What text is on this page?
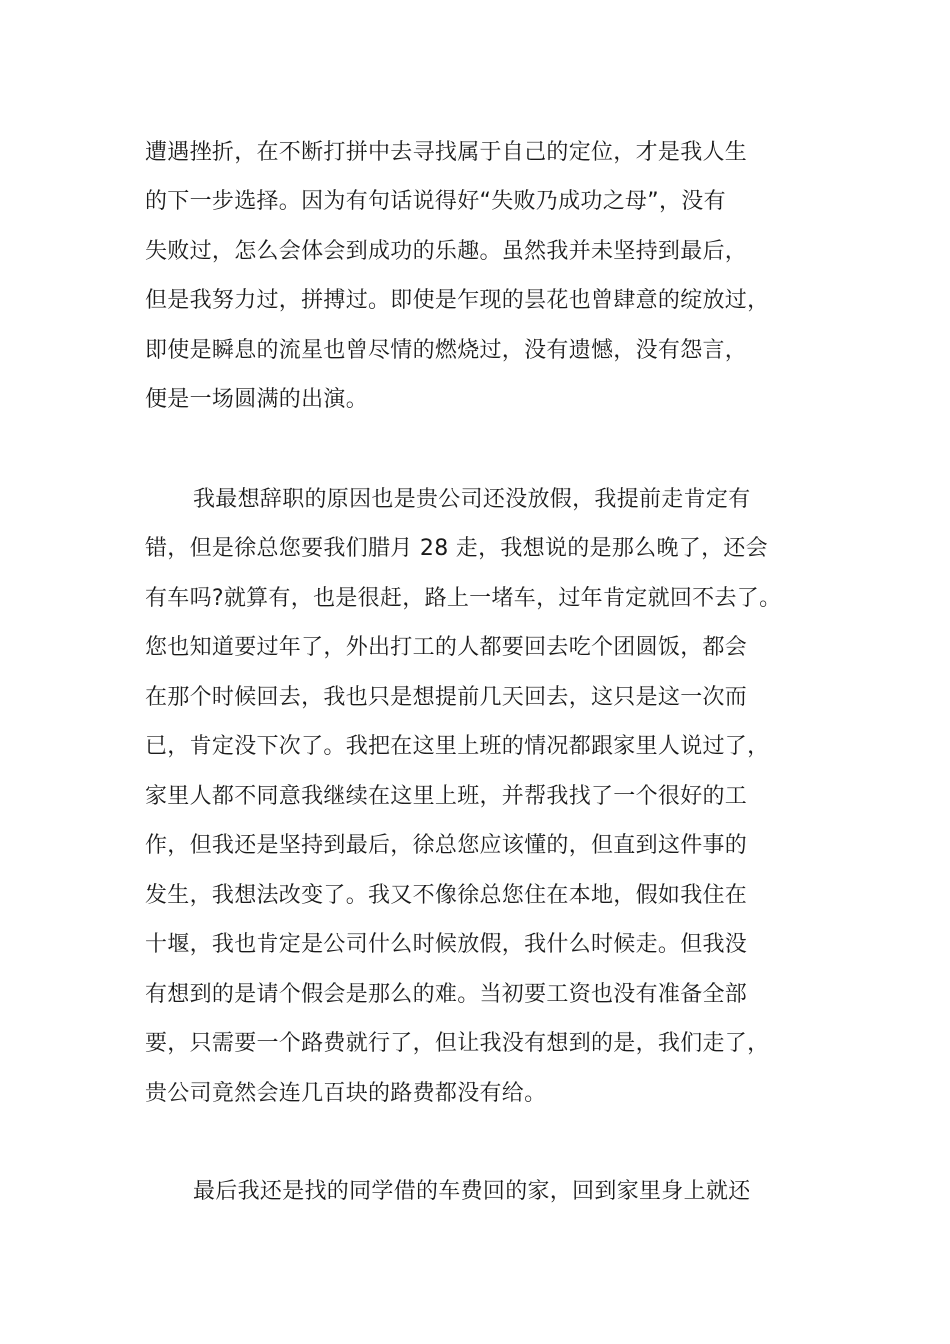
遭遇挫折，在不断打拼中去寻找属于自己的定位，才是我人生
的下一步选择。因为有句话说得好“失败乃成功之母”，没有
失败过，怎么会体会到成功的乐趣。虽然我并未坚持到最后，
但是我努力过，拼搏过。即使是乍现的昙花也曾肆意的绽放过，
即使是瞬息的流星也曾尽情的燃烧过，没有遗憾，没有怨言，
便是一场圆满的出演。
我最想辞职的原因也是贵公司还没放假，我提前走肯定有
错，但是徐总您要我们腊月 28 走，我想说的是那么晚了，还会
有车吗?就算有，也是很赶，路上一堵车，过年肯定就回不去了。
您也知道要过年了，外出打工的人都要回去吃个团圆饭，都会
在那个时候回去，我也只是想提前几天回去，这只是这一次而
已，肯定没下次了。我把在这里上班的情况都跟家里人说过了，
家里人都不同意我继续在这里上班，并帮我找了一个很好的工
作，但我还是坚持到最后，徐总您应该懂的，但直到这件事的
发生，我想法改变了。我又不像徐总您住在本地，假如我住在
十堰，我也肯定是公司什么时候放假，我什么时候走。但我没
有想到的是请个假会是那么的难。当初要工资也没有准备全部
要，只需要一个路费就行了，但让我没有想到的是，我们走了，
贵公司竟然会连几百块的路费都没有给。
最后我还是找的同学借的车费回的家，回到家里身上就还
